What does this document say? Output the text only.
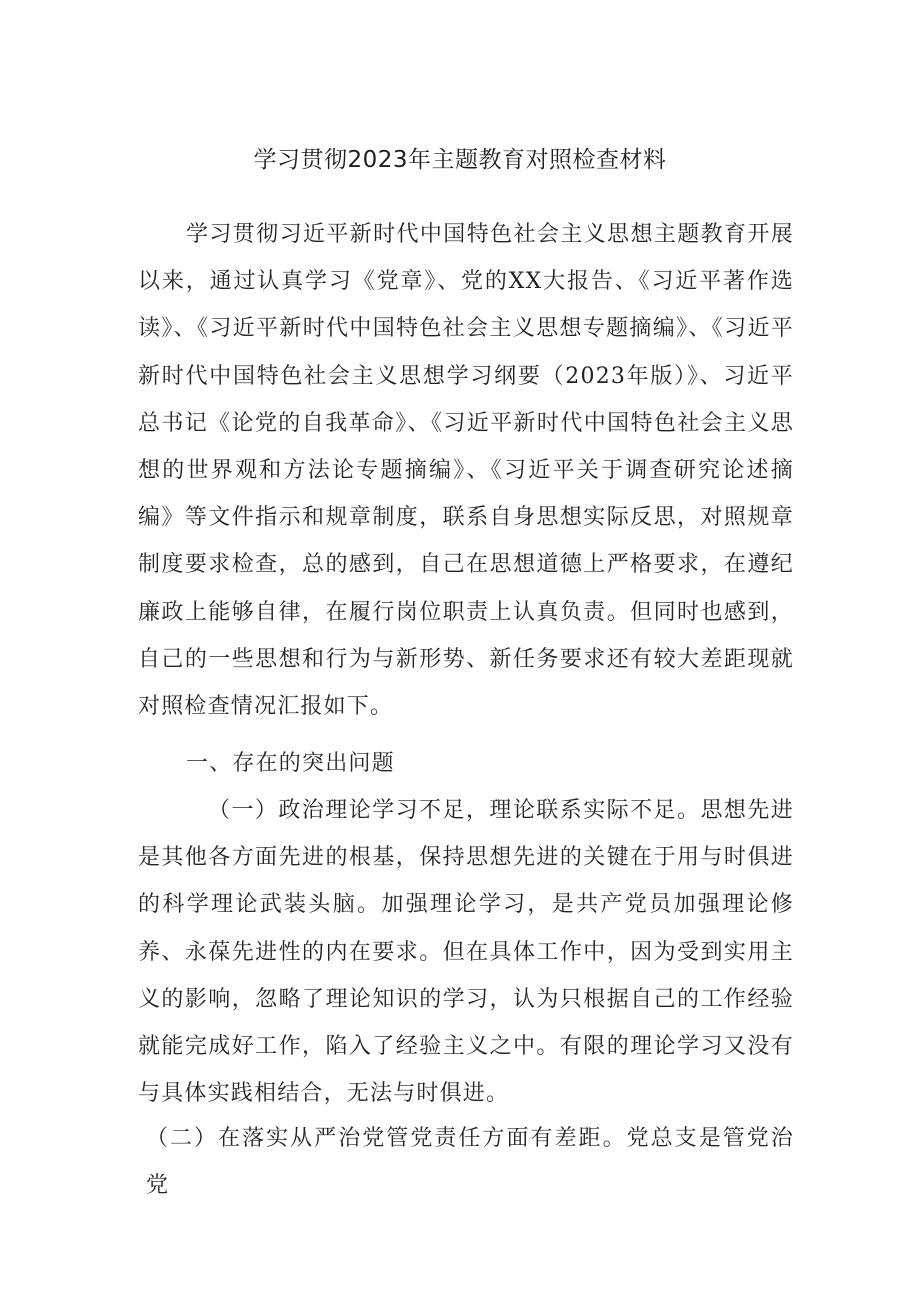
学习贯彻2023年主题教育对照检查材料

学习贯彻习近平新时代中国特色社会主义思想主题教育开展以来，通过认真学习《党章》、党的XX大报告、《习近平著作选读》、《习近平新时代中国特色社会主义思想专题摘编》、《习近平新时代中国特色社会主义思想学习纲要（2023年版）》、习近平总书记《论党的自我革命》、《习近平新时代中国特色社会主义思想的世界观和方法论专题摘编》、《习近平关于调查研究论述摘编》等文件指示和规章制度，联系自身思想实际反思，对照规章制度要求检查，总的感到，自己在思想道德上严格要求，在遵纪廉政上能够自律，在履行岗位职责上认真负责。但同时也感到，自己的一些思想和行为与新形势、新任务要求还有较大差距现就对照检查情况汇报如下。

一、存在的突出问题

（一）政治理论学习不足，理论联系实际不足。思想先进是其他各方面先进的根基，保持思想先进的关键在于用与时俱进的科学理论武装头脑。加强理论学习，是共产党员加强理论修养、永葆先进性的内在要求。但在具体工作中，因为受到实用主义的影响，忽略了理论知识的学习，认为只根据自己的工作经验就能完成好工作，陷入了经验主义之中。有限的理论学习又没有与具体实践相结合，无法与时俱进。

（二）在落实从严治党管党责任方面有差距。党总支是管党治党
